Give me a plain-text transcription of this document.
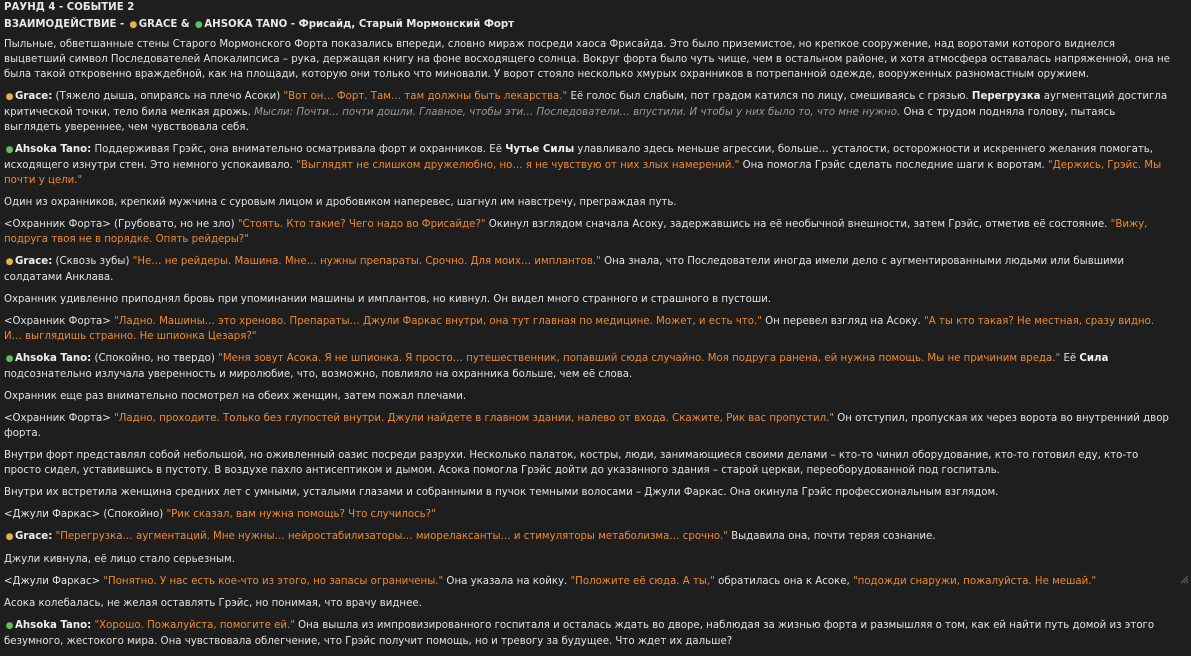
РАУНД 4 - СОБЫТИЕ 2
ВЗАИМОДЕЙСТВИЕ - ● GRACE & ● AHSOKA TANO - Фрисайд, Старый Мормонский Форт

Пыльные, обветшанные стены Старого Мормонского Форта показались впереди, словно мираж посреди хаоса Фрисайда. Это было приземистое, но крепкое сооружение, над воротами которого виднелся выцветший символ Последователей Апокалипсиса – рука, держащая книгу на фоне восходящего солнца. Вокруг форта было чуть чище, чем в остальном районе, и хотя атмосфера оставалась напряженной, она не была такой откровенно враждебной, как на площади, которую они только что миновали. У ворот стояло несколько хмурых охранников в потрепанной одежде, вооруженных разномастным оружием.

● Grace: (Тяжело дыша, опираясь на плечо Асоки) "Вот он… Форт. Там… там должны быть лекарства." Её голос был слабым, пот градом катился по лицу, смешиваясь с грязью. Перегрузка аугментаций достигла критической точки, тело била мелкая дрожь. Мысли: Почти… почти дошли. Главное, чтобы эти… Последователи… впустили. И чтобы у них было то, что мне нужно. Она с трудом подняла голову, пытаясь выглядеть увереннее, чем чувствовала себя.

● Ahsoka Tano: Поддерживая Грэйс, она внимательно осматривала форт и охранников. Её Чутье Силы улавливало здесь меньше агрессии, больше… усталости, осторожности и искреннего желания помогать, исходящего изнутри стен. Это немного успокаивало. "Выглядят не слишком дружелюбно, но… я не чувствую от них злых намерений." Она помогла Грэйс сделать последние шаги к воротам. "Держись, Грэйс. Мы почти у цели."

Один из охранников, крепкий мужчина с суровым лицом и дробовиком наперевес, шагнул им навстречу, преграждая путь.

<Охранник Форта> (Грубовато, но не зло) "Стоять. Кто такие? Чего надо во Фрисайде?" Окинул взглядом сначала Асоку, задержавшись на её необычной внешности, затем Грэйс, отметив её состояние. "Вижу, подруга твоя не в порядке. Опять рейдеры?"

● Grace: (Сквозь зубы) "Не… не рейдеры. Машина. Мне… нужны препараты. Срочно. Для моих… имплантов." Она знала, что Последователи иногда имели дело с аугментированными людьми или бывшими солдатами Анклава.

Охранник удивленно приподнял бровь при упоминании машины и имплантов, но кивнул. Он видел много странного и страшного в пустоши.

<Охранник Форта> "Ладно. Машины… это хреново. Препараты… Джули Фаркас внутри, она тут главная по медицине. Может, и есть что." Он перевел взгляд на Асоку. "А ты кто такая? Не местная, сразу видно. И… выглядишь странно. Не шпионка Цезаря?"

● Ahsoka Tano: (Спокойно, но твердо) "Меня зовут Асока. Я не шпионка. Я просто… путешественник, попавший сюда случайно. Моя подруга ранена, ей нужна помощь. Мы не причиним вреда." Её Сила подсознательно излучала уверенность и миролюбие, что, возможно, повлияло на охранника больше, чем её слова.

Охранник еще раз внимательно посмотрел на обеих женщин, затем пожал плечами.

<Охранник Форта> "Ладно, проходите. Только без глупостей внутри. Джули найдете в главном здании, налево от входа. Скажите, Рик вас пропустил." Он отступил, пропуская их через ворота во внутренний двор форта.

Внутри форт представлял собой небольшой, но оживленный оазис посреди разрухи. Несколько палаток, костры, люди, занимающиеся своими делами – кто-то чинил оборудование, кто-то готовил еду, кто-то просто сидел, уставившись в пустоту. В воздухе пахло антисептиком и дымом. Асока помогла Грэйс дойти до указанного здания – старой церкви, переоборудованной под госпиталь.

Внутри их встретила женщина средних лет с умными, усталыми глазами и собранными в пучок темными волосами – Джули Фаркас. Она окинула Грэйс профессиональным взглядом.

<Джули Фаркас> (Спокойно) "Рик сказал, вам нужна помощь? Что случилось?"

● Grace: "Перегрузка… аугментаций. Мне нужны… нейростабилизаторы… миорелаксанты… и стимуляторы метаболизма… срочно." Выдавила она, почти теряя сознание.

Джули кивнула, её лицо стало серьезным.

<Джули Фаркас> "Понятно. У нас есть кое-что из этого, но запасы ограничены." Она указала на койку. "Положите её сюда. А ты," обратилась она к Асоке, "подожди снаружи, пожалуйста. Не мешай."

Асока колебалась, не желая оставлять Грэйс, но понимая, что врачу виднее.

● Ahsoka Tano: "Хорошо. Пожалуйста, помогите ей." Она вышла из импровизированного госпиталя и осталась ждать во дворе, наблюдая за жизнью форта и размышляя о том, как ей найти путь домой из этого безумного, жестокого мира. Она чувствовала облегчение, что Грэйс получит помощь, но и тревогу за будущее. Что ждет их дальше?
